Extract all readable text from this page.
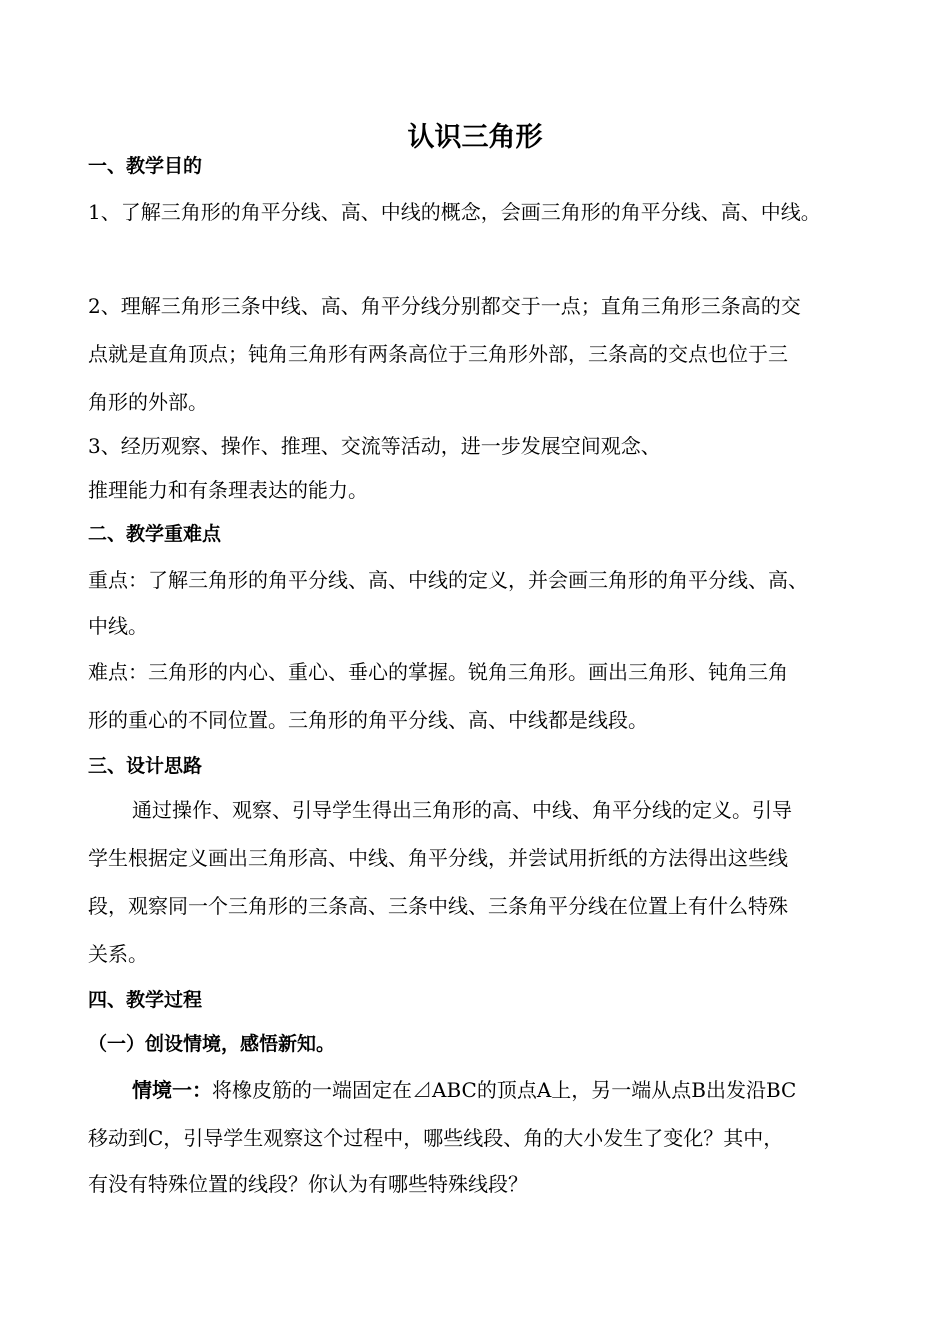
认识三角形
一、教学目的
1、了解三角形的角平分线、高、中线的概念，会画三角形的角平分线、高、中线。
2、理解三角形三条中线、高、角平分线分别都交于一点；直角三角形三条高的交
点就是直角顶点；钝角三角形有两条高位于三角形外部，三条高的交点也位于三
角形的外部。
3、经历观察、操作、推理、交流等活动，进一步发展空间观念、
推理能力和有条理表达的能力。
二、教学重难点
重点：了解三角形的角平分线、高、中线的定义，并会画三角形的角平分线、高、
中线。
难点：三角形的内心、重心、垂心的掌握。锐角三角形。画出三角形、钝角三角
形的重心的不同位置。三角形的角平分线、高、中线都是线段。
三、设计思路
通过操作、观察、引导学生得出三角形的高、中线、角平分线的定义。引导
学生根据定义画出三角形高、中线、角平分线，并尝试用折纸的方法得出这些线
段，观察同一个三角形的三条高、三条中线、三条角平分线在位置上有什么特殊
关系。
四、教学过程
（一）创设情境，感悟新知。
情境一：将橡皮筋的一端固定在⊿ABC的顶点A上，另一端从点B出发沿BC
移动到C，引导学生观察这个过程中，哪些线段、角的大小发生了变化？其中，
有没有特殊位置的线段？你认为有哪些特殊线段？
